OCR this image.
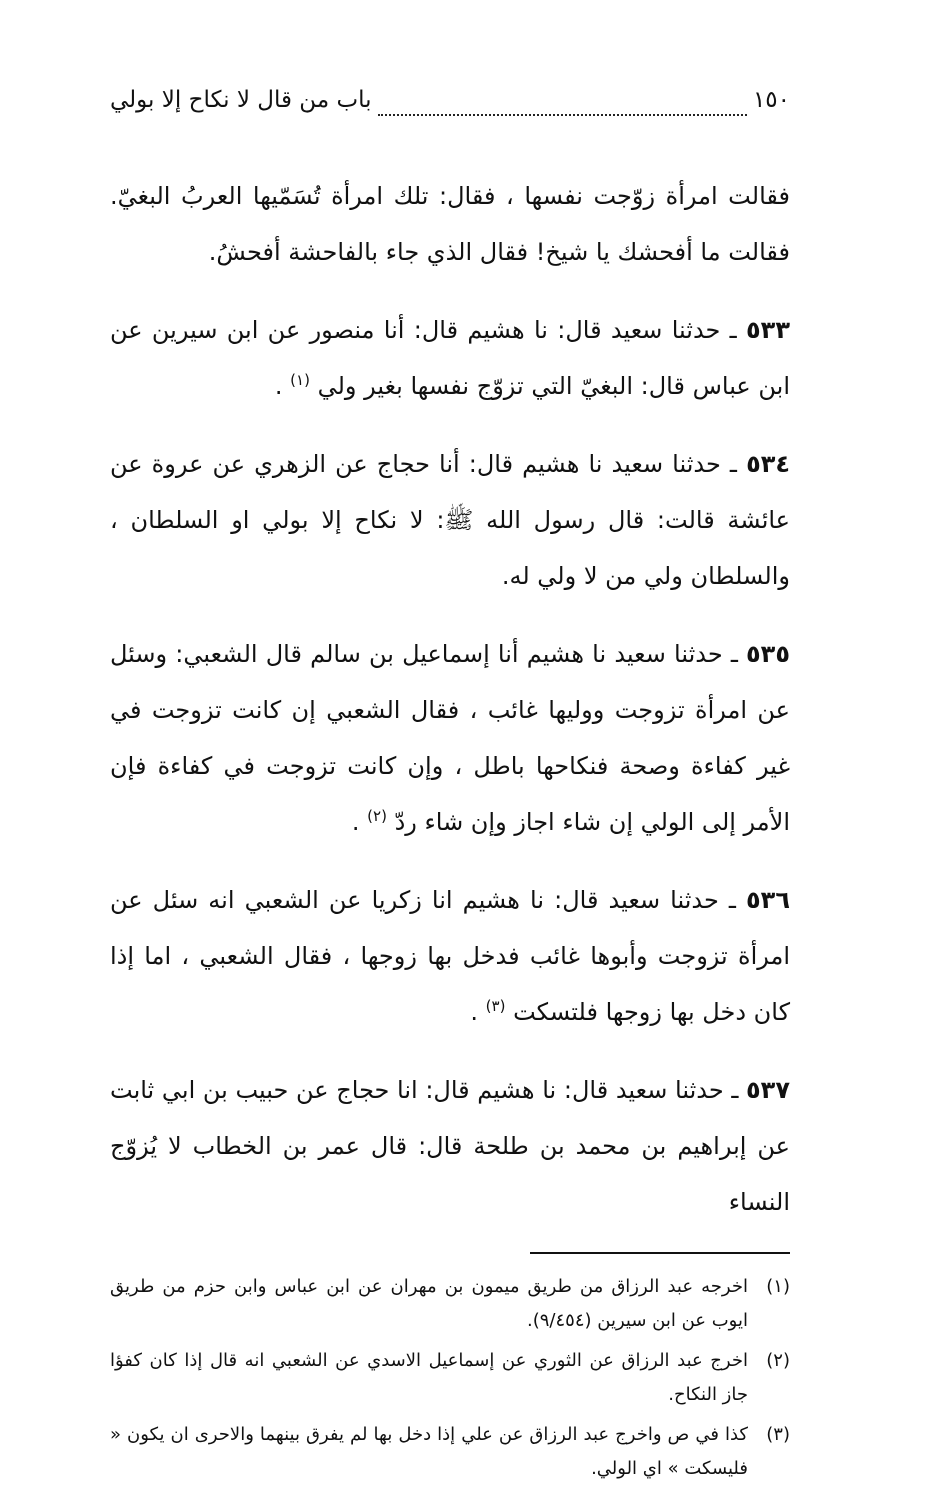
١٥٠
باب من قال لا نكاح إلا بولي

فقالت امرأة زوّجت نفسها ، فقال: تلك امرأة تُسَمّيها العربُ البغيّ. فقالت ما أفحشك يا شيخ! فقال الذي جاء بالفاحشة أفحشُ.

٥٣٣ ـ حدثنا سعيد قال: نا هشيم قال: أنا منصور عن ابن سيرين عن ابن عباس قال: البغيّ التي تزوّج نفسها بغير ولي $^{(١)}$ .

٥٣٤ ـ حدثنا سعيد نا هشيم قال: أنا حجاج عن الزهري عن عروة عن عائشة قالت: قال رسول الله ﷺ: لا نكاح إلا بولي او السلطان ، والسلطان ولي من لا ولي له.

٥٣٥ ـ حدثنا سعيد نا هشيم أنا إسماعيل بن سالم قال الشعبي: وسئل عن امرأة تزوجت ووليها غائب ، فقال الشعبي إن كانت تزوجت في غير كفاءة وصحة فنكاحها باطل ، وإن كانت تزوجت في كفاءة فإن الأمر إلى الولي إن شاء اجاز وإن شاء ردّ $^{(٢)}$ .

٥٣٦ ـ حدثنا سعيد قال: نا هشيم انا زكريا عن الشعبي انه سئل عن امرأة تزوجت وأبوها غائب فدخل بها زوجها ، فقال الشعبي ، اما إذا كان دخل بها زوجها فلتسكت $^{(٣)}$ .

٥٣٧ ـ حدثنا سعيد قال: نا هشيم قال: انا حجاج عن حبيب بن ابي ثابت عن إبراهيم بن محمد بن طلحة قال: قال عمر بن الخطاب لا يُزوّج النساء

(١)
اخرجه عبد الرزاق من طريق ميمون بن مهران عن ابن عباس وابن حزم من طريق ايوب عن ابن سيرين (٩/٤٥٤).
(٢)
اخرج عبد الرزاق عن الثوري عن إسماعيل الاسدي عن الشعبي انه قال إذا كان كفؤا جاز النكاح.
(٣)
كذا في ص واخرج عبد الرزاق عن علي إذا دخل بها لم يفرق بينهما والاحرى ان يكون « فليسكت » اي الولي.
